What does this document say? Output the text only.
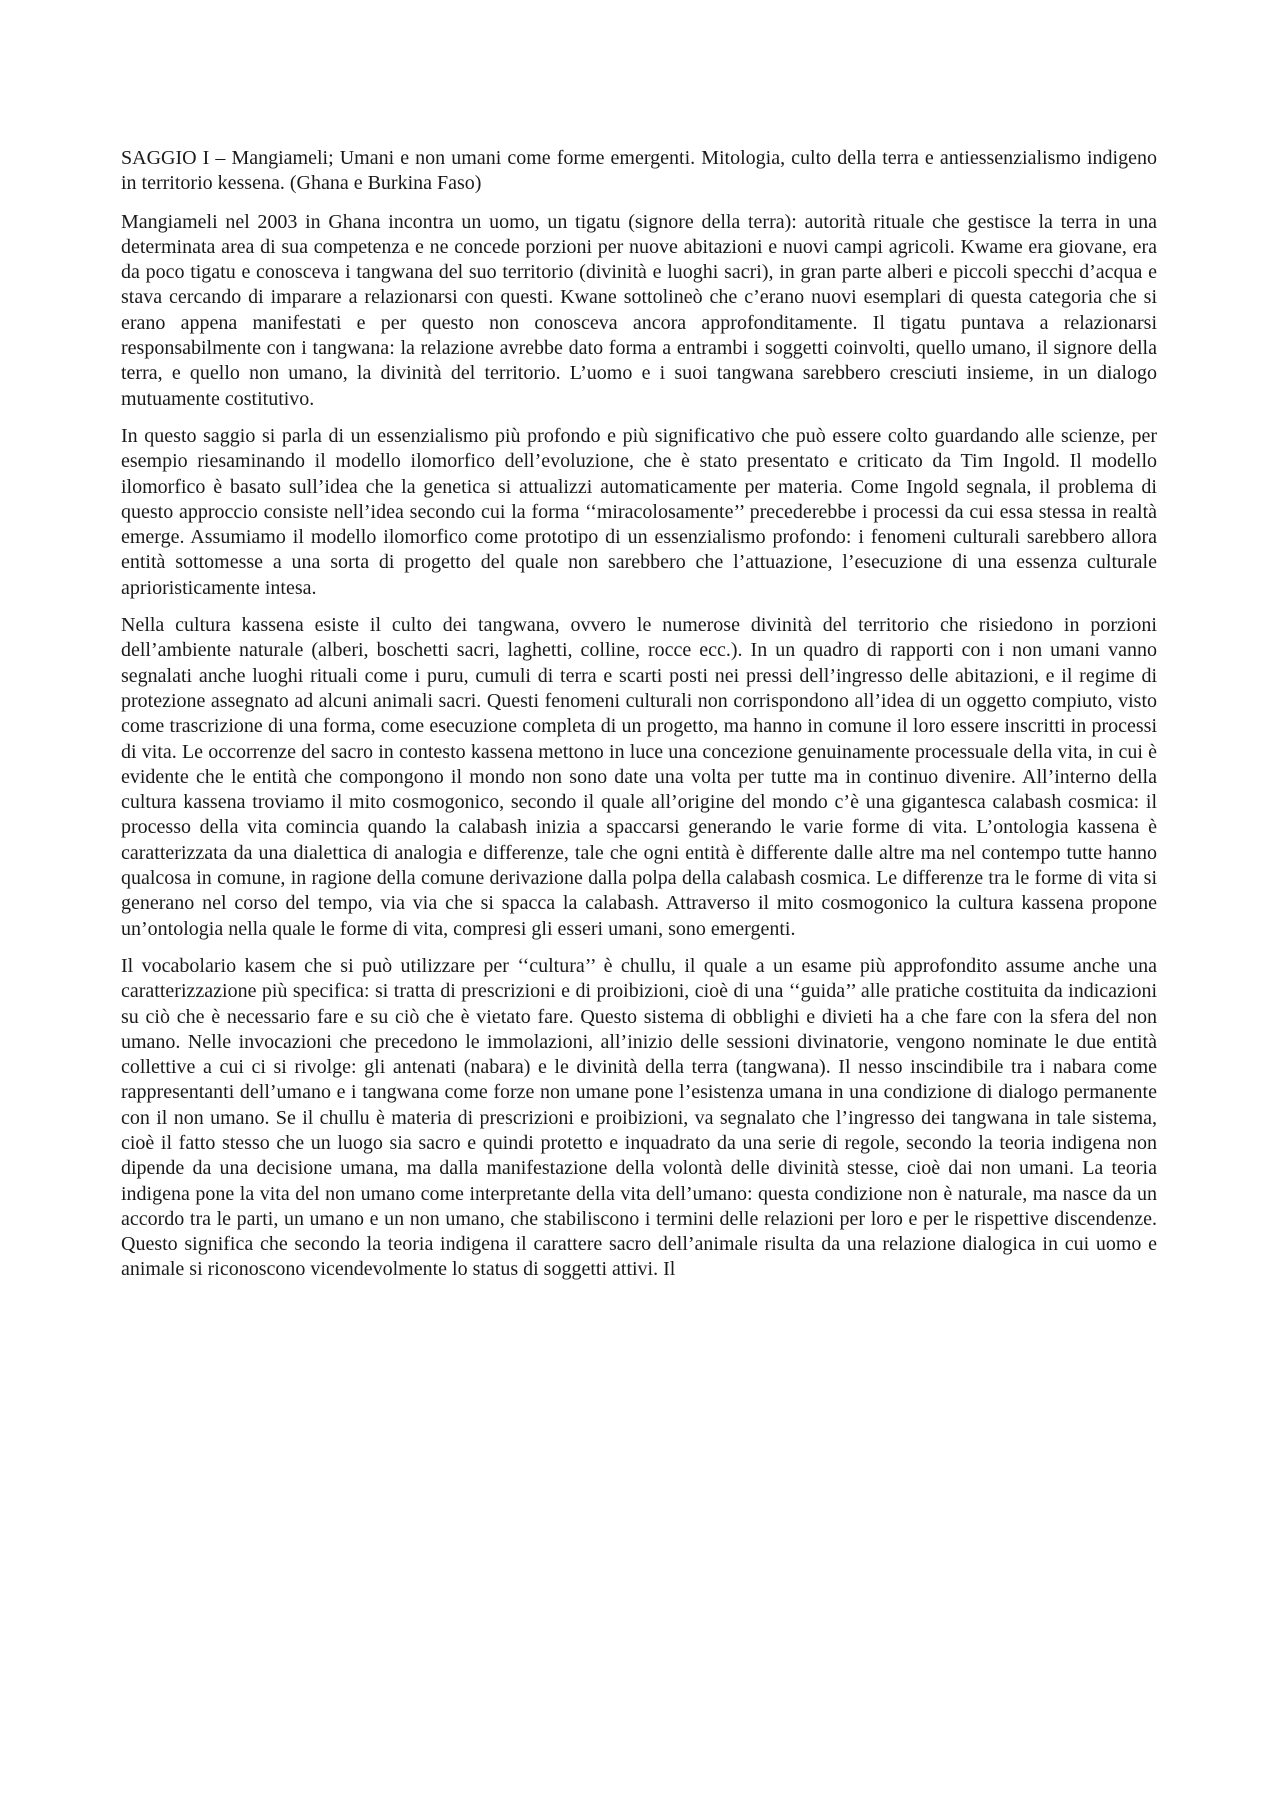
SAGGIO I – Mangiameli; Umani e non umani come forme emergenti. Mitologia, culto della terra e antiessenzialismo indigeno in territorio kessena. (Ghana e Burkina Faso)

Mangiameli nel 2003 in Ghana incontra un uomo, un tigatu (signore della terra): autorità rituale che gestisce la terra in una determinata area di sua competenza e ne concede porzioni per nuove abitazioni e nuovi campi agricoli. Kwame era giovane, era da poco tigatu e conosceva i tangwana del suo territorio (divinità e luoghi sacri), in gran parte alberi e piccoli specchi d’acqua e stava cercando di imparare a relazionarsi con questi. Kwane sottolineò che c’erano nuovi esemplari di questa categoria che si erano appena manifestati e per questo non conosceva ancora approfonditamente. Il tigatu puntava a relazionarsi responsabilmente con i tangwana: la relazione avrebbe dato forma a entrambi i soggetti coinvolti, quello umano, il signore della terra, e quello non umano, la divinità del territorio. L’uomo e i suoi tangwana sarebbero cresciuti insieme, in un dialogo mutuamente costitutivo.

In questo saggio si parla di un essenzialismo più profondo e più significativo che può essere colto guardando alle scienze, per esempio riesaminando il modello ilomorfico dell’evoluzione, che è stato presentato e criticato da Tim Ingold. Il modello ilomorfico è basato sull’idea che la genetica si attualizzi automaticamente per materia. Come Ingold segnala, il problema di questo approccio consiste nell’idea secondo cui la forma ‘‘miracolosamente’’ precederebbe i processi da cui essa stessa in realtà emerge. Assumiamo il modello ilomorfico come prototipo di un essenzialismo profondo: i fenomeni culturali sarebbero allora entità sottomesse a una sorta di progetto del quale non sarebbero che l’attuazione, l’esecuzione di una essenza culturale aprioristicamente intesa.

Nella cultura kassena esiste il culto dei tangwana, ovvero le numerose divinità del territorio che risiedono in porzioni dell’ambiente naturale (alberi, boschetti sacri, laghetti, colline, rocce ecc.). In un quadro di rapporti con i non umani vanno segnalati anche luoghi rituali come i puru, cumuli di terra e scarti posti nei pressi dell’ingresso delle abitazioni, e il regime di protezione assegnato ad alcuni animali sacri. Questi fenomeni culturali non corrispondono all’idea di un oggetto compiuto, visto come trascrizione di una forma, come esecuzione completa di un progetto, ma hanno in comune il loro essere inscritti in processi di vita. Le occorrenze del sacro in contesto kassena mettono in luce una concezione genuinamente processuale della vita, in cui è evidente che le entità che compongono il mondo non sono date una volta per tutte ma in continuo divenire. All’interno della cultura kassena troviamo il mito cosmogonico, secondo il quale all’origine del mondo c’è una gigantesca calabash cosmica: il processo della vita comincia quando la calabash inizia a spaccarsi generando le varie forme di vita. L’ontologia kassena è caratterizzata da una dialettica di analogia e differenze, tale che ogni entità è differente dalle altre ma nel contempo tutte hanno qualcosa in comune, in ragione della comune derivazione dalla polpa della calabash cosmica. Le differenze tra le forme di vita si generano nel corso del tempo, via via che si spacca la calabash. Attraverso il mito cosmogonico la cultura kassena propone un’ontologia nella quale le forme di vita, compresi gli esseri umani, sono emergenti.

Il vocabolario kasem che si può utilizzare per ‘‘cultura’’ è chullu, il quale a un esame più approfondito assume anche una caratterizzazione più specifica: si tratta di prescrizioni e di proibizioni, cioè di una ‘‘guida’’ alle pratiche costituita da indicazioni su ciò che è necessario fare e su ciò che è vietato fare. Questo sistema di obblighi e divieti ha a che fare con la sfera del non umano. Nelle invocazioni che precedono le immolazioni, all’inizio delle sessioni divinatorie, vengono nominate le due entità collettive a cui ci si rivolge: gli antenati (nabara) e le divinità della terra (tangwana). Il nesso inscindibile tra i nabara come rappresentanti dell’umano e i tangwana come forze non umane pone l’esistenza umana in una condizione di dialogo permanente con il non umano. Se il chullu è materia di prescrizioni e proibizioni, va segnalato che l’ingresso dei tangwana in tale sistema, cioè il fatto stesso che un luogo sia sacro e quindi protetto e inquadrato da una serie di regole, secondo la teoria indigena non dipende da una decisione umana, ma dalla manifestazione della volontà delle divinità stesse, cioè dai non umani. La teoria indigena pone la vita del non umano come interpretante della vita dell’umano: questa condizione non è naturale, ma nasce da un accordo tra le parti, un umano e un non umano, che stabiliscono i termini delle relazioni per loro e per le rispettive discendenze. Questo significa che secondo la teoria indigena il carattere sacro dell’animale risulta da una relazione dialogica in cui uomo e animale si riconoscono vicendevolmente lo status di soggetti attivi. Il
